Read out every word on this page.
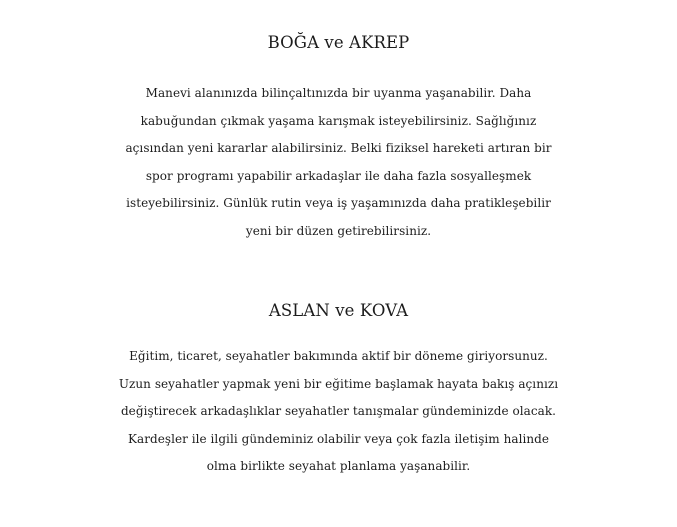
BOĞA ve AKREP
Manevi alanınızda bilinçaltınızda bir uyanma yaşanabilir. Daha
kabuğundan çıkmak yaşama karışmak isteyebilirsiniz. Sağlığınız
açısından yeni kararlar alabilirsiniz. Belki fiziksel hareketi artıran bir
spor programı yapabilir arkadaşlar ile daha fazla sosyalleşmek
isteyebilirsiniz. Günlük rutin veya iş yaşamınızda daha pratikleşebilir
yeni bir düzen getirebilirsiniz.
ASLAN ve KOVA
Eğitim, ticaret, seyahatler bakımında aktif bir döneme giriyorsunuz.
Uzun seyahatler yapmak yeni bir eğitime başlamak hayata bakış açınızı
değiştirecek arkadaşlıklar seyahatler tanışmalar gündeminizde olacak.
Kardeşler ile ilgili gündeminiz olabilir veya çok fazla iletişim halinde
olma birlikte seyahat planlama yaşanabilir.
